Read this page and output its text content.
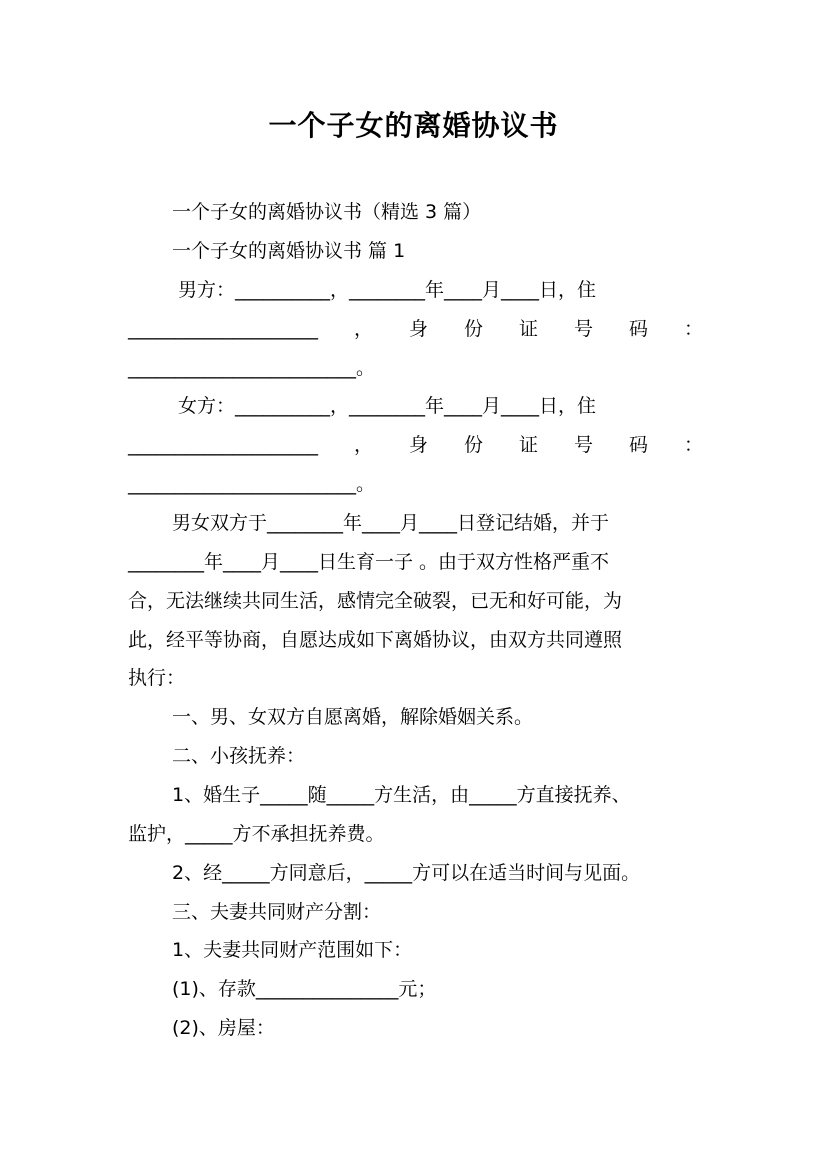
一个子女的离婚协议书
一个子女的离婚协议书（精选 3 篇）
一个子女的离婚协议书 篇 1
男方：__________，________年____月____日，住
____________________ ， 身 份 证 号 码 ：
________________________。
女方：__________，________年____月____日，住
____________________ ， 身 份 证 号 码 ：
________________________。
男女双方于________年____月____日登记结婚，并于
________年____月____日生育一子 。由于双方性格严重不
合，无法继续共同生活，感情完全破裂，已无和好可能，为
此，经平等协商，自愿达成如下离婚协议，由双方共同遵照
执行：
一、男、女双方自愿离婚，解除婚姻关系。
二、小孩抚养：
1、婚生子_____随_____方生活，由_____方直接抚养、
监护，_____方不承担抚养费。
2、经_____方同意后，_____方可以在适当时间与见面。
三、夫妻共同财产分割：
1、夫妻共同财产范围如下：
(1)、存款_______________元；
(2)、房屋：
